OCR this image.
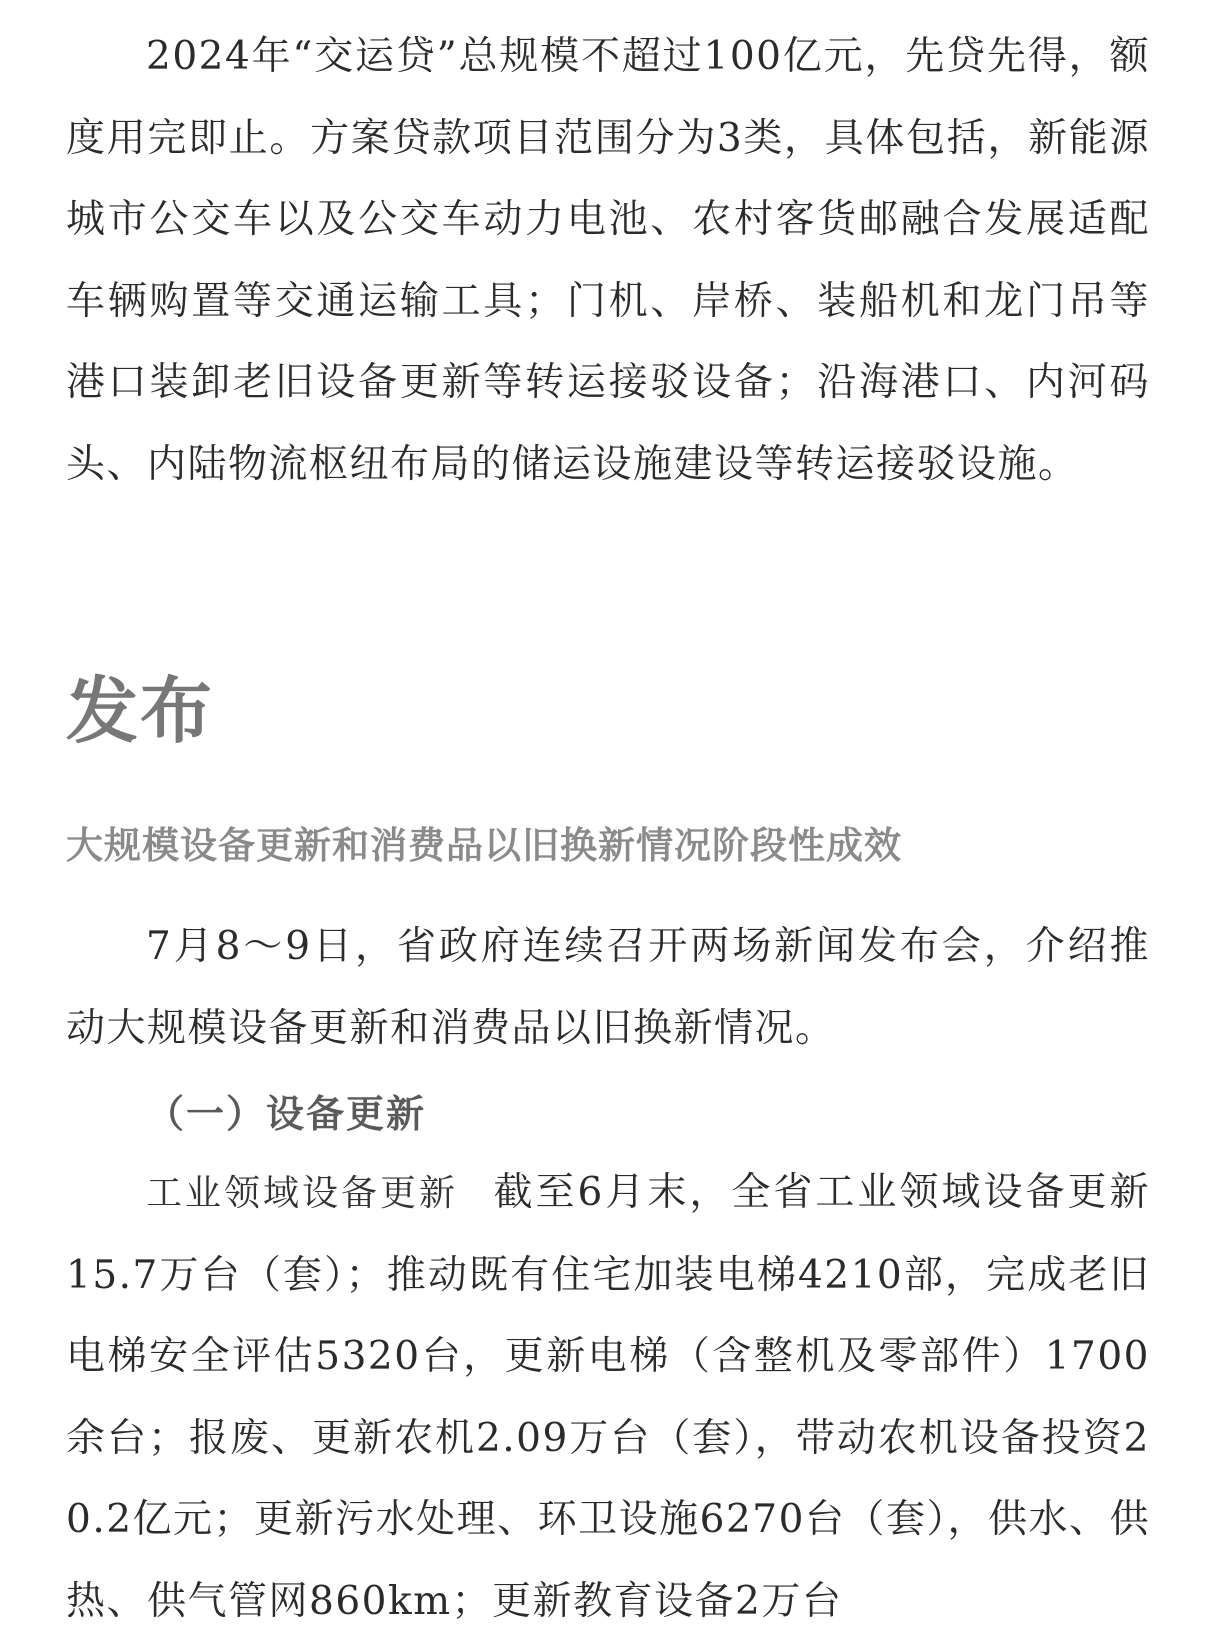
2024年“交运贷”总规模不超过100亿元，先贷先得，额度用完即止。方案贷款项目范围分为3类，具体包括，新能源城市公交车以及公交车动力电池、农村客货邮融合发展适配车辆购置等交通运输工具；门机、岸桥、装船机和龙门吊等港口装卸老旧设备更新等转运接驳设备；沿海港口、内河码头、内陆物流枢纽布局的储运设施建设等转运接驳设施。

发布
大规模设备更新和消费品以旧换新情况阶段性成效

7月8～9日，省政府连续召开两场新闻发布会，介绍推动大规模设备更新和消费品以旧换新情况。

（一）设备更新

工业领域设备更新 截至6月末，全省工业领域设备更新15.7万台（套）；推动既有住宅加装电梯4210部，完成老旧电梯安全评估5320台，更新电梯（含整机及零部件）1700余台；报废、更新农机2.09万台（套），带动农机设备投资20.2亿元；更新污水处理、环卫设施6270台（套），供水、供热、供气管网860km；更新教育设备2万台
